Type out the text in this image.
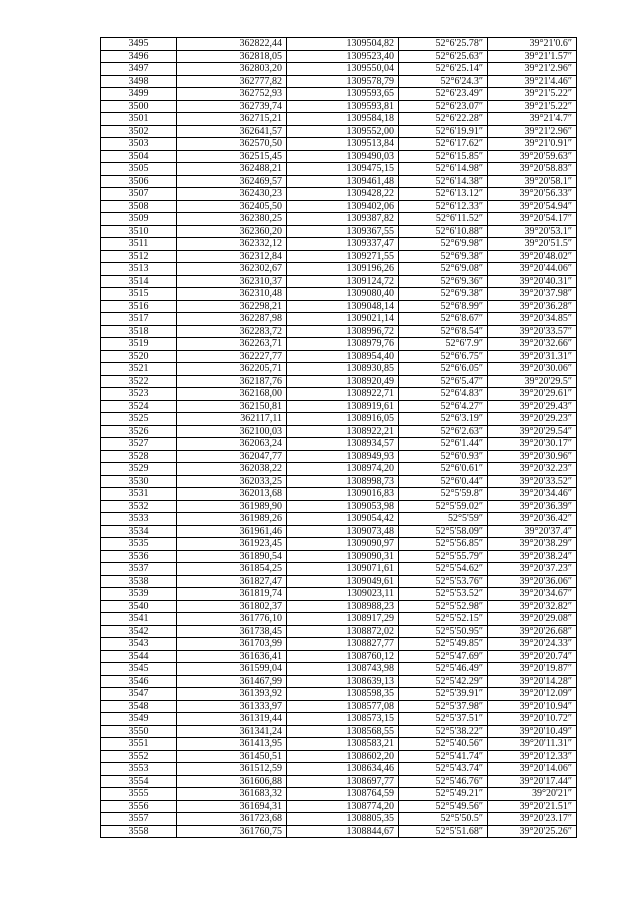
3495	362822,44	1309504,82	52°6'25.78″	39°21'0.6″
3496	362818,05	1309523,40	52°6'25.63″	39°21'1.57″
3497	362803,20	1309550,04	52°6'25.14″	39°21'2.96″
3498	362777,82	1309578,79	52°6'24.3″	39°21'4.46″
3499	362752,93	1309593,65	52°6'23.49″	39°21'5.22″
3500	362739,74	1309593,81	52°6'23.07″	39°21'5.22″
3501	362715,21	1309584,18	52°6'22.28″	39°21'4.7″
3502	362641,57	1309552,00	52°6'19.91″	39°21'2.96″
3503	362570,50	1309513,84	52°6'17.62″	39°21'0.91″
3504	362515,45	1309490,03	52°6'15.85″	39°20'59.63″
3505	362488,21	1309475,15	52°6'14.98″	39°20'58.83″
3506	362469,57	1309461,48	52°6'14.38″	39°20'58.1″
3507	362430,23	1309428,22	52°6'13.12″	39°20'56.33″
3508	362405,50	1309402,06	52°6'12.33″	39°20'54.94″
3509	362380,25	1309387,82	52°6'11.52″	39°20'54.17″
3510	362360,20	1309367,55	52°6'10.88″	39°20'53.1″
3511	362332,12	1309337,47	52°6'9.98″	39°20'51.5″
3512	362312,84	1309271,55	52°6'9.38″	39°20'48.02″
3513	362302,67	1309196,26	52°6'9.08″	39°20'44.06″
3514	362310,37	1309124,72	52°6'9.36″	39°20'40.31″
3515	362310,48	1309080,40	52°6'9.38″	39°20'37.98″
3516	362298,21	1309048,14	52°6'8.99″	39°20'36.28″
3517	362287,98	1309021,14	52°6'8.67″	39°20'34.85″
3518	362283,72	1308996,72	52°6'8.54″	39°20'33.57″
3519	362263,71	1308979,76	52°6'7.9″	39°20'32.66″
3520	362227,77	1308954,40	52°6'6.75″	39°20'31.31″
3521	362205,71	1308930,85	52°6'6.05″	39°20'30.06″
3522	362187,76	1308920,49	52°6'5.47″	39°20'29.5″
3523	362168,00	1308922,71	52°6'4.83″	39°20'29.61″
3524	362150,81	1308919,61	52°6'4.27″	39°20'29.43″
3525	362117,11	1308916,05	52°6'3.19″	39°20'29.23″
3526	362100,03	1308922,21	52°6'2.63″	39°20'29.54″
3527	362063,24	1308934,57	52°6'1.44″	39°20'30.17″
3528	362047,77	1308949,93	52°6'0.93″	39°20'30.96″
3529	362038,22	1308974,20	52°6'0.61″	39°20'32.23″
3530	362033,25	1308998,73	52°6'0.44″	39°20'33.52″
3531	362013,68	1309016,83	52°5'59.8″	39°20'34.46″
3532	361989,90	1309053,98	52°5'59.02″	39°20'36.39″
3533	361989,26	1309054,42	52°5'59″	39°20'36.42″
3534	361961,46	1309073,48	52°5'58.09″	39°20'37.4″
3535	361923,45	1309090,97	52°5'56.85″	39°20'38.29″
3536	361890,54	1309090,31	52°5'55.79″	39°20'38.24″
3537	361854,25	1309071,61	52°5'54.62″	39°20'37.23″
3538	361827,47	1309049,61	52°5'53.76″	39°20'36.06″
3539	361819,74	1309023,11	52°5'53.52″	39°20'34.67″
3540	361802,37	1308988,23	52°5'52.98″	39°20'32.82″
3541	361776,10	1308917,29	52°5'52.15″	39°20'29.08″
3542	361738,45	1308872,02	52°5'50.95″	39°20'26.68″
3543	361703,99	1308827,77	52°5'49.85″	39°20'24.33″
3544	361636,41	1308760,12	52°5'47.69″	39°20'20.74″
3545	361599,04	1308743,98	52°5'46.49″	39°20'19.87″
3546	361467,99	1308639,13	52°5'42.29″	39°20'14.28″
3547	361393,92	1308598,35	52°5'39.91″	39°20'12.09″
3548	361333,97	1308577,08	52°5'37.98″	39°20'10.94″
3549	361319,44	1308573,15	52°5'37.51″	39°20'10.72″
3550	361341,24	1308568,55	52°5'38.22″	39°20'10.49″
3551	361413,95	1308583,21	52°5'40.56″	39°20'11.31″
3552	361450,51	1308602,20	52°5'41.74″	39°20'12.33″
3553	361512,59	1308634,46	52°5'43.74″	39°20'14.06″
3554	361606,88	1308697,77	52°5'46.76″	39°20'17.44″
3555	361683,32	1308764,59	52°5'49.21″	39°20'21″
3556	361694,31	1308774,20	52°5'49.56″	39°20'21.51″
3557	361723,68	1308805,35	52°5'50.5″	39°20'23.17″
3558	361760,75	1308844,67	52°5'51.68″	39°20'25.26″
